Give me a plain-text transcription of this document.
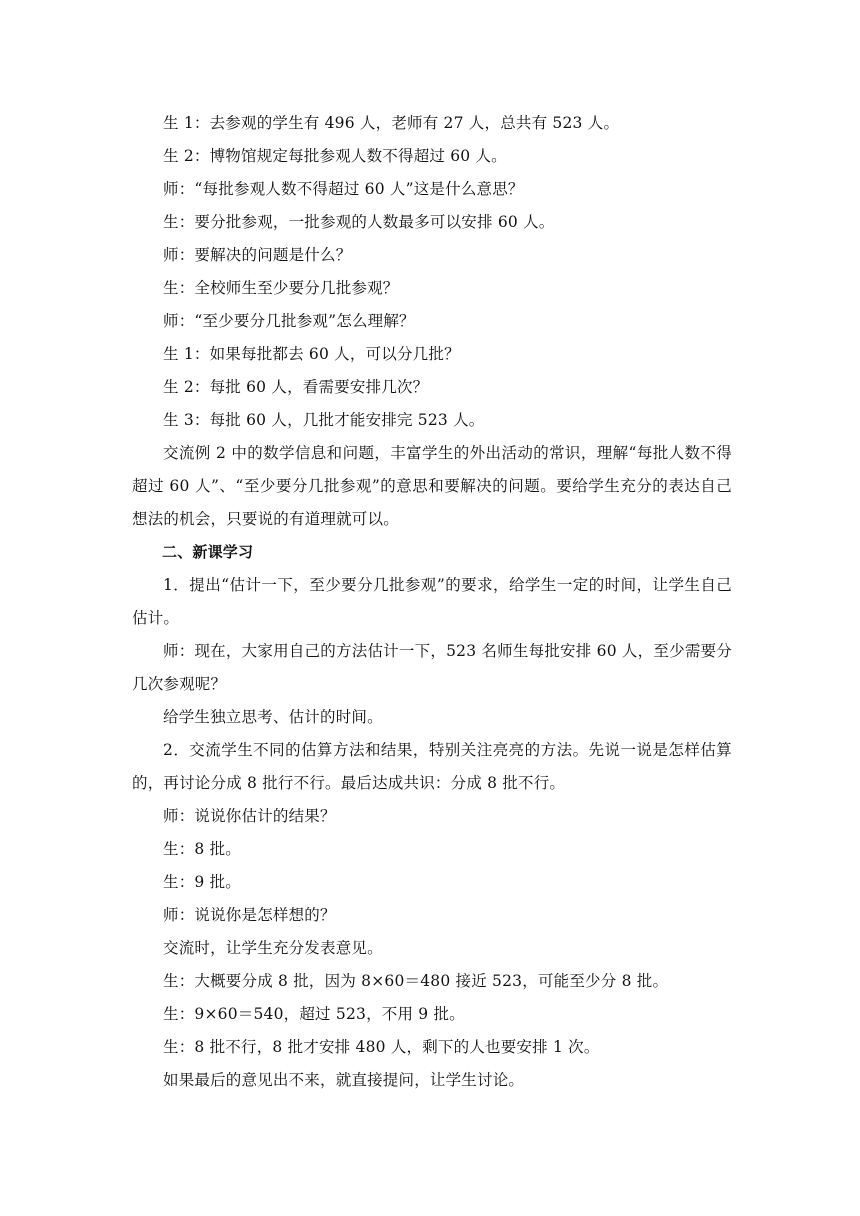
生 1：去参观的学生有 496 人，老师有 27 人，总共有 523 人。

生 2：博物馆规定每批参观人数不得超过 60 人。

师：“每批参观人数不得超过 60 人”这是什么意思？

生：要分批参观，一批参观的人数最多可以安排 60 人。

师：要解决的问题是什么？

生：全校师生至少要分几批参观？

师：“至少要分几批参观”怎么理解？

生 1：如果每批都去 60 人，可以分几批？

生 2：每批 60 人，看需要安排几次？

生 3：每批 60 人，几批才能安排完 523 人。

交流例 2 中的数学信息和问题，丰富学生的外出活动的常识，理解“每批人数不得超过 60 人”、“至少要分几批参观”的意思和要解决的问题。要给学生充分的表达自己想法的机会，只要说的有道理就可以。

二、新课学习

1．提出“估计一下，至少要分几批参观”的要求，给学生一定的时间，让学生自己估计。

师：现在，大家用自己的方法估计一下，523 名师生每批安排 60 人，至少需要分几次参观呢？

给学生独立思考、估计的时间。

2．交流学生不同的估算方法和结果，特别关注亮亮的方法。先说一说是怎样估算的，再讨论分成 8 批行不行。最后达成共识：分成 8 批不行。

师：说说你估计的结果？

生：8 批。

生：9 批。

师：说说你是怎样想的？

交流时，让学生充分发表意见。

生：大概要分成 8 批，因为 8×60＝480 接近 523，可能至少分 8 批。

生：9×60＝540，超过 523，不用 9 批。

生：8 批不行，8 批才安排 480 人，剩下的人也要安排 1 次。

如果最后的意见出不来，就直接提问，让学生讨论。
